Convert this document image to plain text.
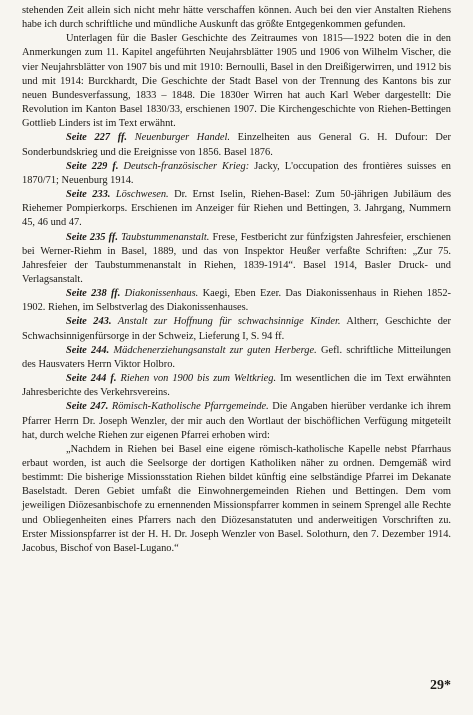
stehenden Zeit allein sich nicht mehr hätte verschaffen können. Auch bei den vier Anstalten Riehens habe ich durch schriftliche und mündliche Auskunft das größte Entgegenkommen gefunden.

Unterlagen für die Basler Geschichte des Zeitraumes von 1815—1922 boten die in den Anmerkungen zum 11. Kapitel angeführten Neujahrsblätter 1905 und 1906 von Wilhelm Vischer, die vier Neujahrsblätter von 1907 bis und mit 1910: Bernoulli, Basel in den Dreißigerwirren, und 1912 bis und mit 1914: Burckhardt, Die Geschichte der Stadt Basel von der Trennung des Kantons bis zur neuen Bundesverfassung, 1833 – 1848. Die 1830er Wirren hat auch Karl Weber dargestellt: Die Revolution im Kanton Basel 1830/33, erschienen 1907. Die Kirchengeschichte von Riehen-Bettingen Gottlieb Linders ist im Text erwähnt.

Seite 227 ff. Neuenburger Handel. Einzelheiten aus General G. H. Dufour: Der Sonderbundskrieg und die Ereignisse von 1856. Basel 1876.

Seite 229 f. Deutsch-französischer Krieg: Jacky, L'occupation des frontières suisses en 1870/71; Neuenburg 1914.

Seite 233. Löschwesen. Dr. Ernst Iselin, Riehen-Basel: Zum 50-jährigen Jubiläum des Riehemer Pompierkorps. Erschienen im Anzeiger für Riehen und Bettingen, 3. Jahrgang, Nummern 45, 46 und 47.

Seite 235 ff. Taubstummenanstalt. Frese, Festbericht zur fünfzigsten Jahresfeier, erschienen bei Werner-Riehm in Basel, 1889, und das von Inspektor Heußer verfaßte Schriften: „Zur 75. Jahresfeier der Taubstummenanstalt in Riehen, 1839-1914“. Basel 1914, Basler Druck- und Verlagsanstalt.

Seite 238 ff. Diakonissenhaus. Kaegi, Eben Ezer. Das Diakonissenhaus in Riehen 1852-1902. Riehen, im Selbstverlag des Diakonissenhauses.

Seite 243. Anstalt zur Hoffnung für schwachsinnige Kinder. Altherr, Geschichte der Schwachsinnigenfürsorge in der Schweiz, Lieferung I, S. 94 ff.

Seite 244. Mädchenerziehungsanstalt zur guten Herberge. Gefl. schriftliche Mitteilungen des Hausvaters Herrn Viktor Holbro.

Seite 244 f. Riehen von 1900 bis zum Weltkrieg. Im wesentlichen die im Text erwähnten Jahresberichte des Verkehrsvereins.

Seite 247. Römisch-Katholische Pfarrgemeinde. Die Angaben hierüber verdanke ich ihrem Pfarrer Herrn Dr. Joseph Wenzler, der mir auch den Wortlaut der bischöflichen Verfügung mitgeteilt hat, durch welche Riehen zur eigenen Pfarrei erhoben wird:

„Nachdem in Riehen bei Basel eine eigene römisch-katholische Kapelle nebst Pfarrhaus erbaut worden, ist auch die Seelsorge der dortigen Katholiken näher zu ordnen. Demgemäß wird bestimmt: Die bisherige Missionsstation Riehen bildet künftig eine selbständige Pfarrei im Dekanate Baselstadt. Deren Gebiet umfaßt die Einwohnergemeinden Riehen und Bettingen. Dem vom jeweiligen Diözesanbischofe zu ernennenden Missionspfarrer kommen in seinem Sprengel alle Rechte und Obliegenheiten eines Pfarrers nach den Diözesanstatuten und anderweitigen Vorschriften zu. Erster Missionspfarrer ist der H. H. Dr. Joseph Wenzler von Basel. Solothurn, den 7. Dezember 1914. Jacobus, Bischof von Basel-Lugano.“

29*
